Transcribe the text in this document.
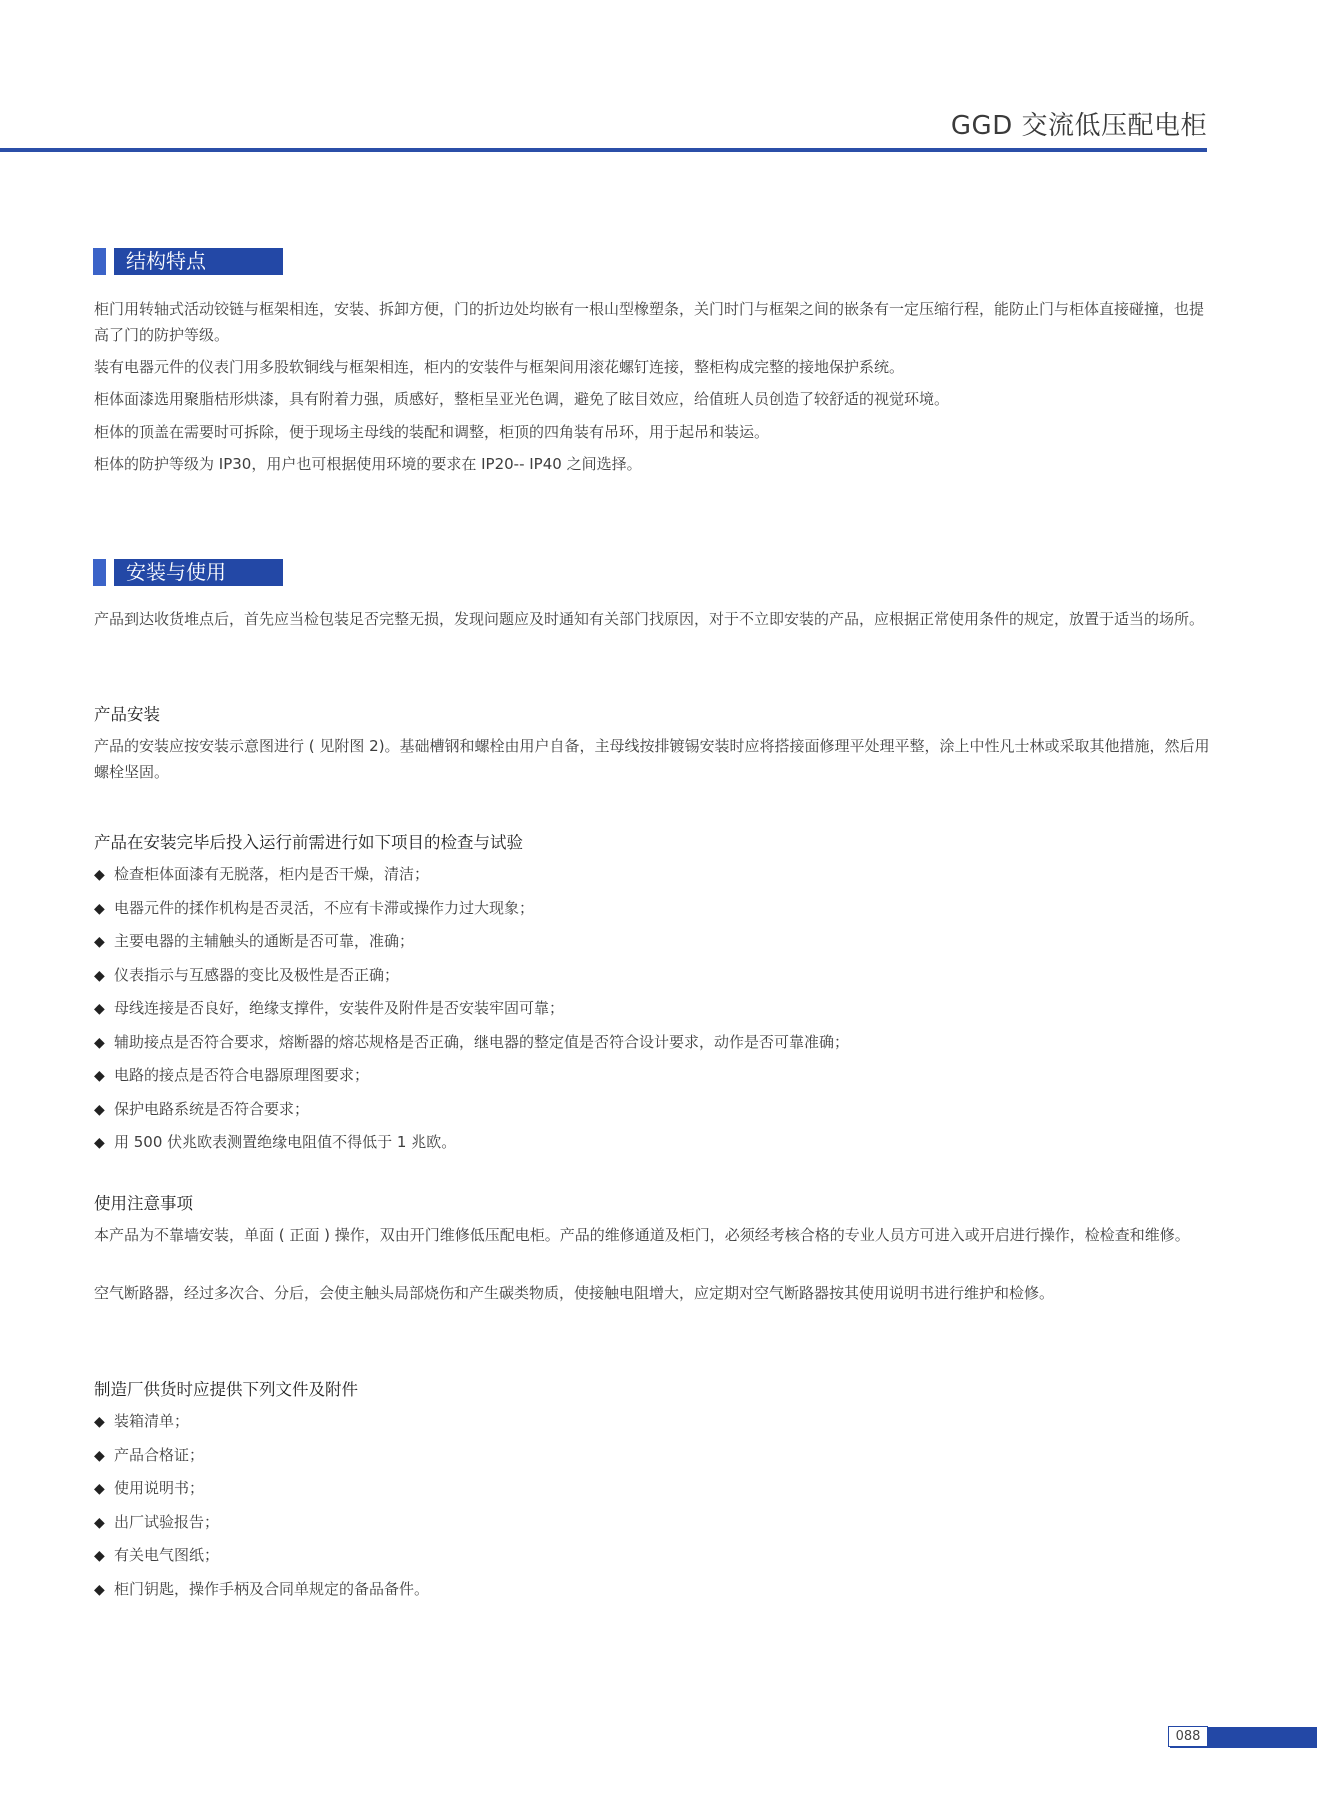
GGD 交流低压配电柜
结构特点

柜门用转轴式活动铰链与框架相连，安装、拆卸方便，门的折边处均嵌有一根山型橡塑条，关门时门与框架之间的嵌条有一定压缩行程，能防止门与柜体直接碰撞，也提高了门的防护等级。

装有电器元件的仪表门用多股软铜线与框架相连，柜内的安装件与框架间用滚花螺钉连接，整柜构成完整的接地保护系统。

柜体面漆选用聚脂桔形烘漆，具有附着力强，质感好，整柜呈亚光色调，避免了眩目效应，给值班人员创造了较舒适的视觉环境。

柜体的顶盖在需要时可拆除，便于现场主母线的装配和调整，柜顶的四角装有吊环，用于起吊和装运。

柜体的防护等级为 IP30，用户也可根据使用环境的要求在 IP20-- IP40 之间选择。

安装与使用

产品到达收货堆点后，首先应当检包装足否完整无损，发现问题应及时通知有关部门找原因，对于不立即安装的产品，应根据正常使用条件的规定，放置于适当的场所。

产品安装

产品的安装应按安装示意图进行 ( 见附图 2)。基础槽钢和螺栓由用户自备，主母线按排镀锡安装时应将搭接面修理平处理平整，涂上中性凡士林或采取其他措施，然后用螺栓坚固。

产品在安装完毕后投入运行前需进行如下项目的检查与试验
◆ 检查柜体面漆有无脱落，柜内是否干燥，清洁；
◆ 电器元件的揉作机构是否灵活，不应有卡滞或操作力过大现象；
◆ 主要电器的主辅触头的通断是否可靠，准确；
◆ 仪表指示与互感器的变比及极性是否正确；
◆ 母线连接是否良好，绝缘支撑件，安装件及附件是否安装牢固可靠；
◆ 辅助接点是否符合要求，熔断器的熔芯规格是否正确，继电器的整定值是否符合设计要求，动作是否可靠准确；
◆ 电路的接点是否符合电器原理图要求；
◆ 保护电路系统是否符合要求；
◆ 用 500 伏兆欧表测置绝缘电阻值不得低于 1 兆欧。
使用注意事项

本产品为不靠墙安装，单面 ( 正面 ) 操作，双由开门维修低压配电柜。产品的维修通道及柜门，必须经考核合格的专业人员方可进入或开启进行操作，检检查和维修。

空气断路器，经过多次合、分后，会使主触头局部烧伤和产生碳类物质，使接触电阻增大，应定期对空气断路器按其使用说明书进行维护和检修。

制造厂供货时应提供下列文件及附件
◆ 装箱清单；
◆ 产品合格证；
◆ 使用说明书；
◆ 出厂试验报告；
◆ 有关电气图纸；
◆ 柜门钥匙，操作手柄及合同单规定的备品备件。
088
